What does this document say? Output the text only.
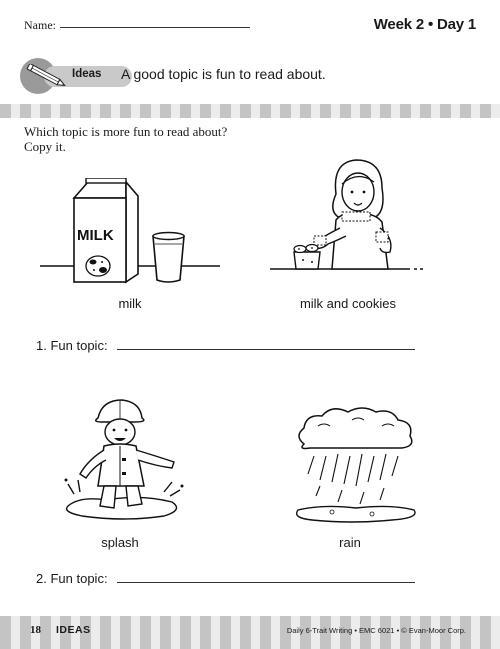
Name:	Week 2 • Day 1
Ideas A good topic is fun to read about.
Which topic is more fun to read about?
Copy it.
MILK
milk	milk and cookies
1. Fun topic:
splash	rain
2. Fun topic:
18 IDEAS	Daily 6-Trait Writing • EMC 6021 • © Evan-Moor Corp.
